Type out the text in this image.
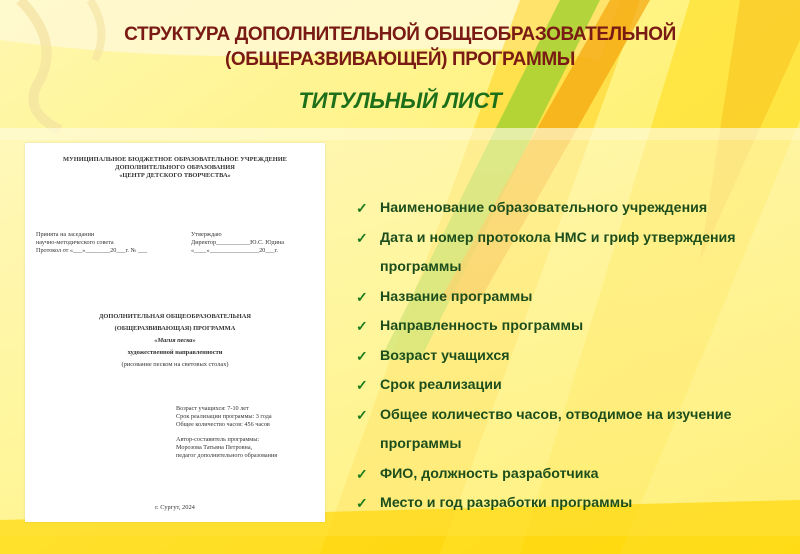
СТРУКТУРА ДОПОЛНИТЕЛЬНОЙ ОБЩЕОБРАЗОВАТЕЛЬНОЙ
(ОБЩЕРАЗВИВАЮЩЕЙ) ПРОГРАММЫ
ТИТУЛЬНЫЙ ЛИСТ
МУНИЦИПАЛЬНОЕ БЮДЖЕТНОЕ ОБРАЗОВАТЕЛЬНОЕ УЧРЕЖДЕНИЕ
ДОПОЛНИТЕЛЬНОГО ОБРАЗОВАНИЯ
«ЦЕНТР ДЕТСКОГО ТВОРЧЕСТВА»
Принята на заседании
научно-методического совета
Протокол от «___»________20___г. № ___
Утверждаю
Директор___________Ю.С. Юдина
«____»________________20___г.
ДОПОЛНИТЕЛЬНАЯ ОБЩЕОБРАЗОВАТЕЛЬНАЯ
(ОБЩЕРАЗВИВАЮЩАЯ) ПРОГРАММА
«Магия песка»
художественной направленности
(рисование песком на световых столах)
Возраст учащихся: 7-10 лет
Срок реализации программы: 3 года
Общее количество часов: 456 часов
Автор-составитель программы:
Морозова Татьяна Петровна,
педагог дополнительного образования
г. Сургут, 2024
✓ Наименование образовательного учреждения
✓ Дата и номер протокола НМС и гриф утверждения
программы
✓ Название программы
✓ Направленность программы
✓ Возраст учащихся
✓ Срок реализации
✓ Общее количество часов, отводимое на изучение
программы
✓ ФИО, должность разработчика
✓ Место и год разработки программы
